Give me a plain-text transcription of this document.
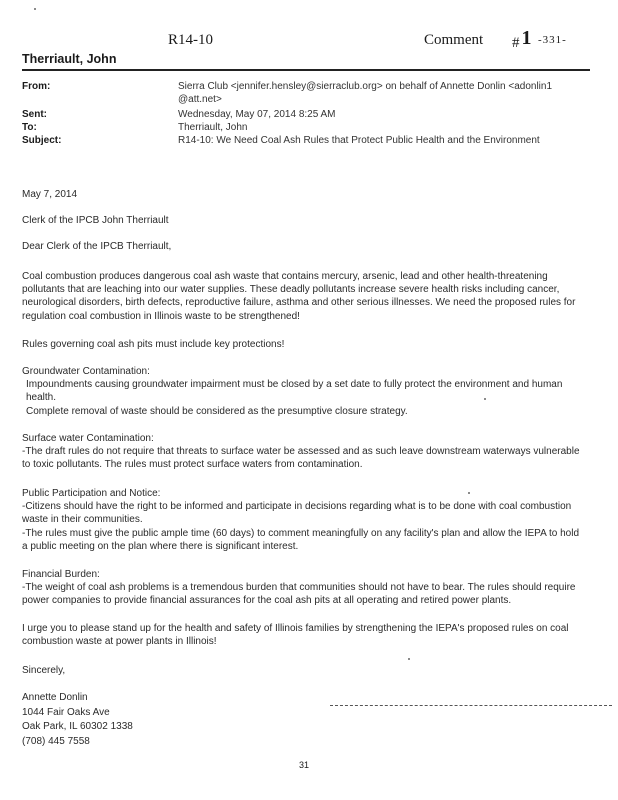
R14-10	Comment # 1 -331-
Therriault, John
From:	Sierra Club <jennifer.hensley@sierraclub.org> on behalf of Annette Donlin <adonlin1 @att.net>
Sent:	Wednesday, May 07, 2014 8:25 AM
To:	Therriault, John
Subject:	R14-10: We Need Coal Ash Rules that Protect Public Health and the Environment
May 7, 2014
Clerk of the IPCB John Therriault
Dear Clerk of the IPCB Therriault,

Coal combustion produces dangerous coal ash waste that contains mercury, arsenic, lead and other health-threatening pollutants that are leaching into our water supplies. These deadly pollutants increase severe health risks including cancer, neurological disorders, birth defects, reproductive failure, asthma and other serious illnesses. We need the proposed rules for regulation coal combustion in Illinois waste to be strengthened!

Rules governing coal ash pits must include key protections!

Groundwater Contamination:

Impoundments causing groundwater impairment must be closed by a set date to fully protect the environment and human health.

Complete removal of waste should be considered as the presumptive closure strategy.

Surface water Contamination:

-The draft rules do not require that threats to surface water be assessed and as such leave downstream waterways vulnerable to toxic pollutants. The rules must protect surface waters from contamination.

Public Participation and Notice:

-Citizens should have the right to be informed and participate in decisions regarding what is to be done with coal combustion waste in their communities.

-The rules must give the public ample time (60 days) to comment meaningfully on any facility's plan and allow the IEPA to hold a public meeting on the plan where there is significant interest.

Financial Burden:

-The weight of coal ash problems is a tremendous burden that communities should not have to bear. The rules should require power companies to provide financial assurances for the coal ash pits at all operating and retired power plants.

I urge you to please stand up for the health and safety of Illinois families by strengthening the IEPA's proposed rules on coal combustion waste at power plants in Illinois!

Sincerely,

Annette Donlin

1044 Fair Oaks Ave

Oak Park, IL 60302 1338

(708) 445 7558

31
